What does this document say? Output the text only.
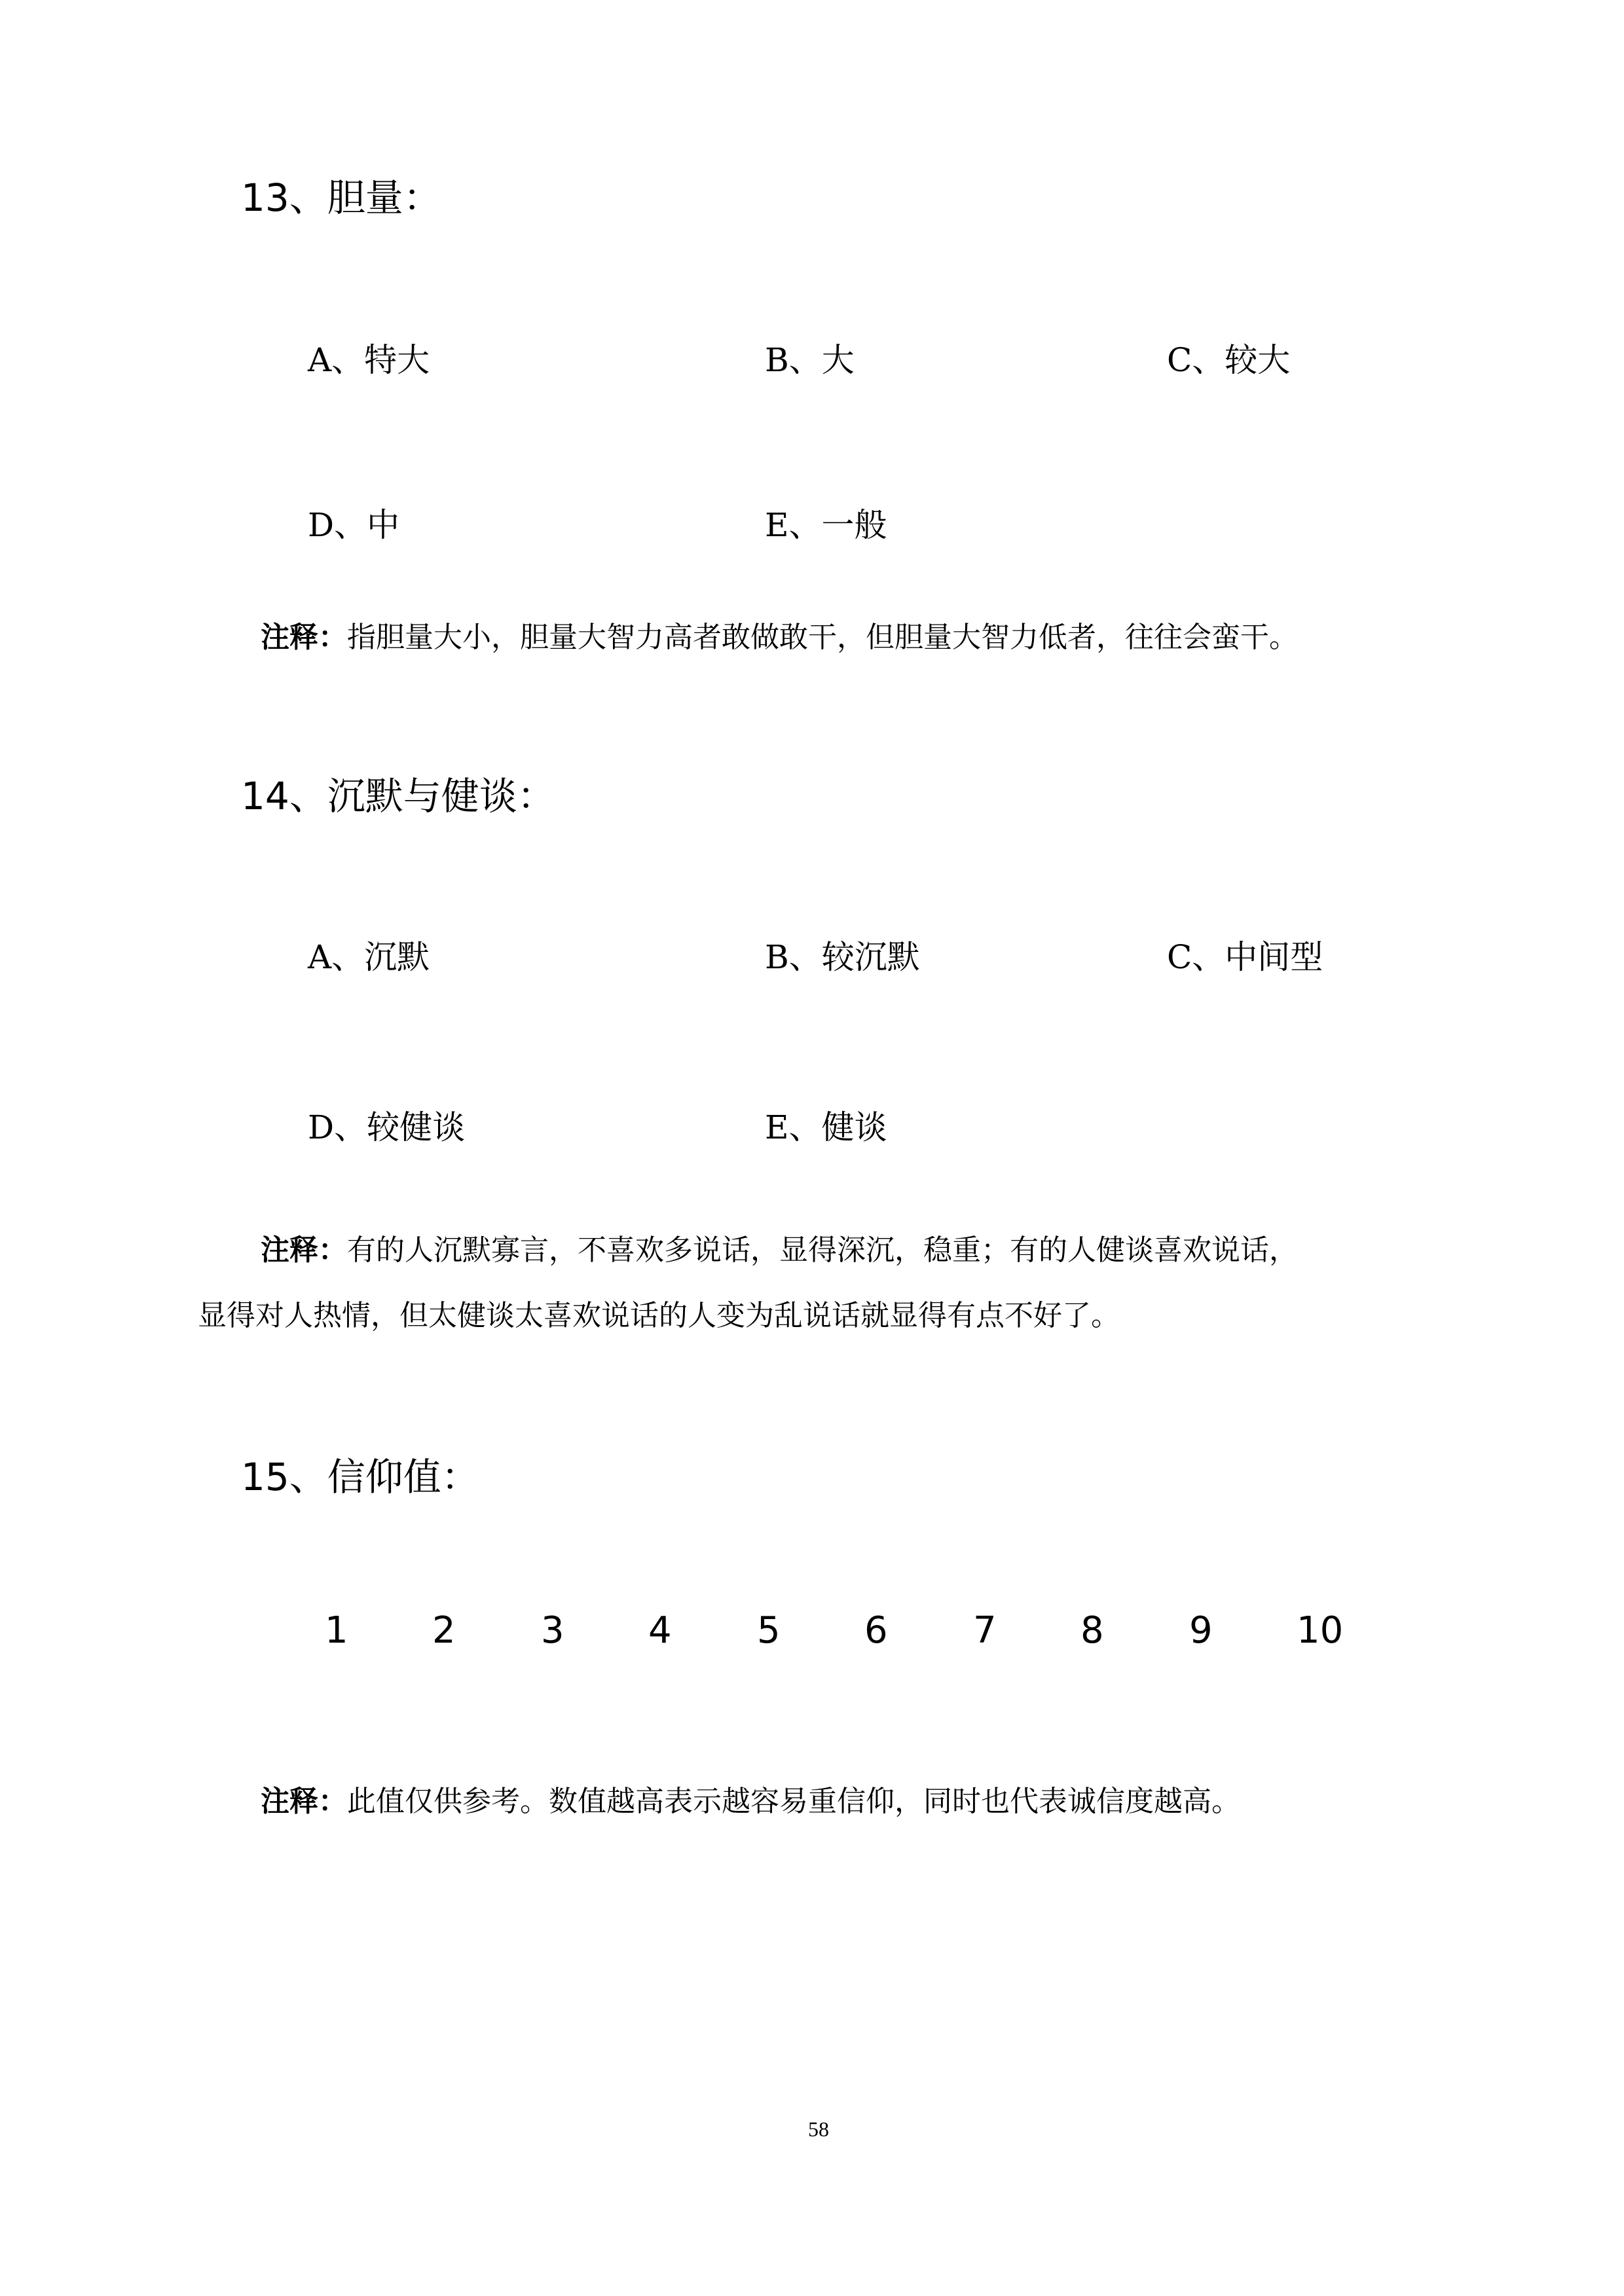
13、胆量：
A、特大	B、大	C、较大
D、中	E、一般
注释：指胆量大小，胆量大智力高者敢做敢干，但胆量大智力低者，往往会蛮干。
14、沉默与健谈：
A、沉默	B、较沉默	C、中间型
D、较健谈	E、健谈
注释：有的人沉默寡言，不喜欢多说话，显得深沉，稳重；有的人健谈喜欢说话，
显得对人热情，但太健谈太喜欢说话的人变为乱说话就显得有点不好了。
15、信仰值：
1 2 3 4 5 6 7 8 9 10
注释：此值仅供参考。数值越高表示越容易重信仰，同时也代表诚信度越高。
58
